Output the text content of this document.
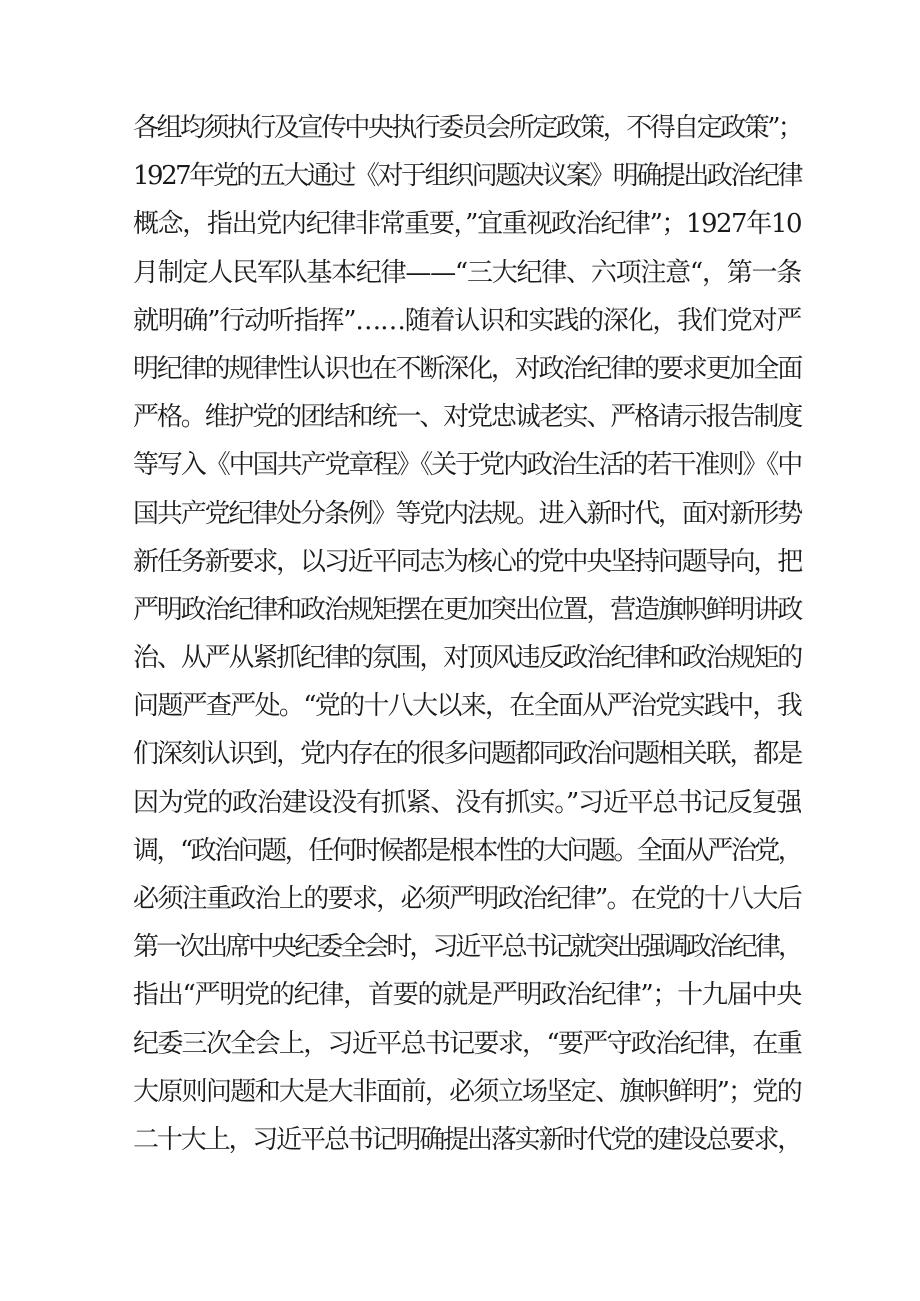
各组均须执行及宣传中央执行委员会所定政策，不得自定政策”；
1927年党的五大通过《对于组织问题决议案》明确提出政治纪律
概念，指出党内纪律非常重要，”宜重视政治纪律”；1927年10
月制定人民军队基本纪律——“三大纪律、六项注意“，第一条
就明确”行动听指挥”……随着认识和实践的深化，我们党对严
明纪律的规律性认识也在不断深化，对政治纪律的要求更加全面
严格。维护党的团结和统一、对党忠诚老实、严格请示报告制度
等写入《中国共产党章程》《关于党内政治生活的若干准则》《中
国共产党纪律处分条例》等党内法规。进入新时代，面对新形势
新任务新要求，以习近平同志为核心的党中央坚持问题导向，把
严明政治纪律和政治规矩摆在更加突出位置，营造旗帜鲜明讲政
治、从严从紧抓纪律的氛围，对顶风违反政治纪律和政治规矩的
问题严查严处。“党的十八大以来，在全面从严治党实践中，我
们深刻认识到，党内存在的很多问题都同政治问题相关联，都是
因为党的政治建设没有抓紧、没有抓实。”习近平总书记反复强
调，“政治问题，任何时候都是根本性的大问题。全面从严治党，
必须注重政治上的要求，必须严明政治纪律”。在党的十八大后
第一次出席中央纪委全会时，习近平总书记就突出强调政治纪律，
指出“严明党的纪律，首要的就是严明政治纪律”；十九届中央
纪委三次全会上，习近平总书记要求，“要严守政治纪律，在重
大原则问题和大是大非面前，必须立场坚定、旗帜鲜明”；党的
二十大上，习近平总书记明确提出落实新时代党的建设总要求，
